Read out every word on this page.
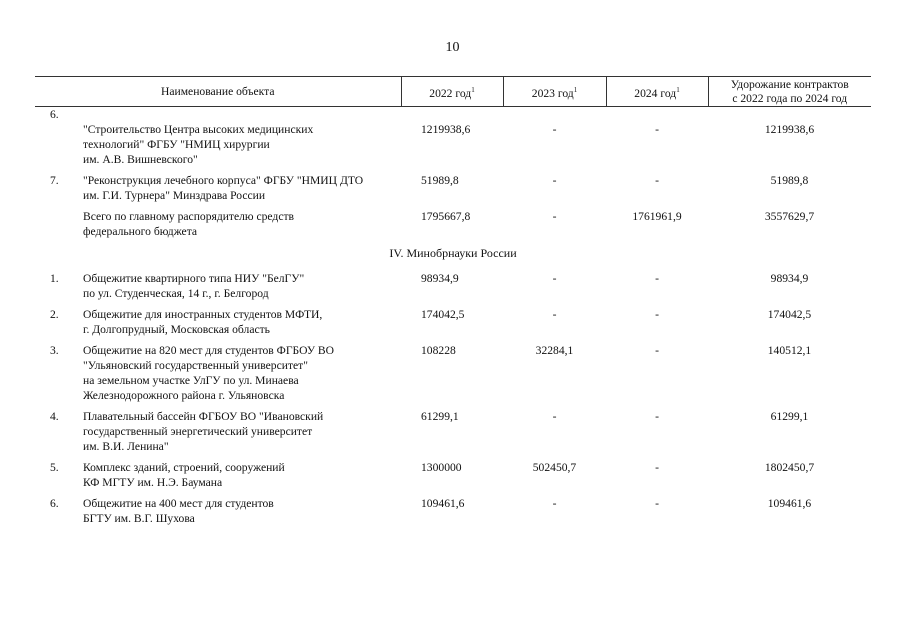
10
Наименование объекта	2022 год$^1$	2023 год$^1$	2024 год$^1$	Удорожание контрактов
с 2022 года по 2024 год

6.
"Строительство Центра высоких медицинских
технологий" ФГБУ "НМИЦ хирургии
им. А.В. Вишневского"	1219938,6	-	-	1219938,6

7. "Реконструкция лечебного корпуса" ФГБУ "НМИЦ ДТО
им. Г.И. Турнера" Минздрава России	51989,8	-	-	51989,8

Всего по главному распорядителю средств
федерального бюджета	1795667,8	-	1761961,9	3557629,7
IV. Минобрнауки России				

1. Общежитие квартирного типа НИУ "БелГУ"
по ул. Студенческая, 14 г., г. Белгород	98934,9	-	-	98934,9

2. Общежитие для иностранных студентов МФТИ,
г. Долгопрудный, Московская область	174042,5	-	-	174042,5

3. Общежитие на 820 мест для студентов ФГБОУ ВО
"Ульяновский государственный университет"
на земельном участке УлГУ по ул. Минаева
Железнодорожного района г. Ульяновска	108228	32284,1	-	140512,1

4. Плавательный бассейн ФГБОУ ВО "Ивановский
государственный энергетический университет
им. В.И. Ленина"	61299,1	-	-	61299,1

5. Комплекс зданий, строений, сооружений
КФ МГТУ им. Н.Э. Баумана	1300000	502450,7	-	1802450,7

6. Общежитие на 400 мест для студентов
БГТУ им. В.Г. Шухова	109461,6	-	-	109461,6
